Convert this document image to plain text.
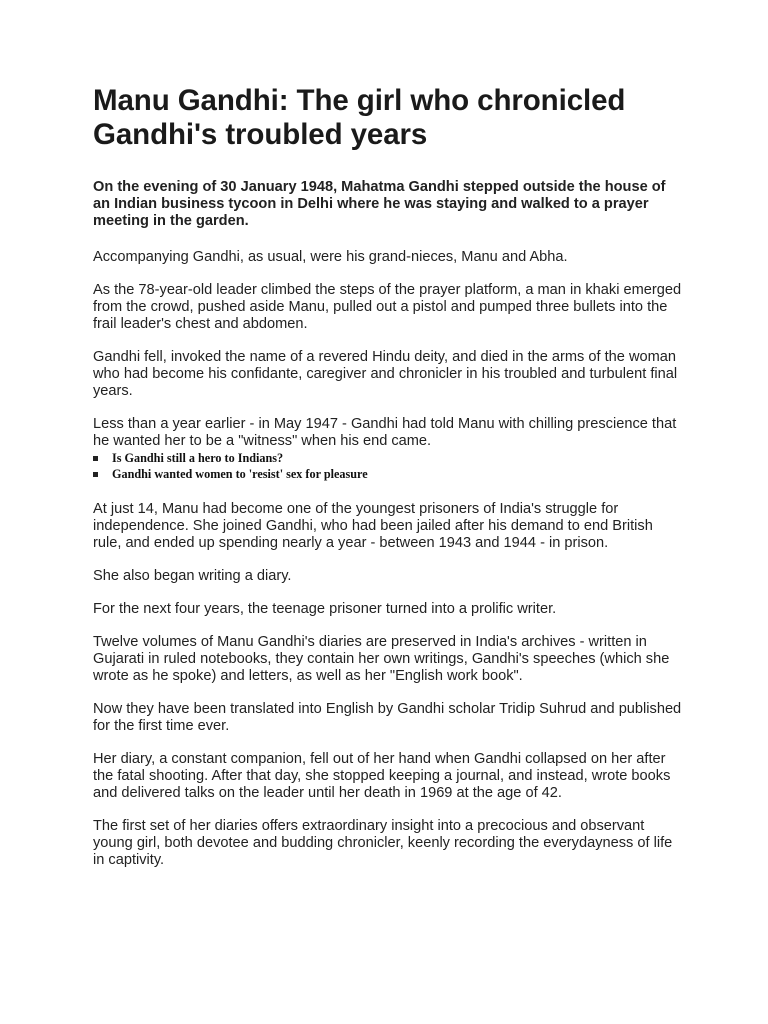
Manu Gandhi: The girl who chronicled Gandhi's troubled years

On the evening of 30 January 1948, Mahatma Gandhi stepped outside the house of an Indian business tycoon in Delhi where he was staying and walked to a prayer meeting in the garden.

Accompanying Gandhi, as usual, were his grand-nieces, Manu and Abha.

As the 78-year-old leader climbed the steps of the prayer platform, a man in khaki emerged from the crowd, pushed aside Manu, pulled out a pistol and pumped three bullets into the frail leader's chest and abdomen.

Gandhi fell, invoked the name of a revered Hindu deity, and died in the arms of the woman who had become his confidante, caregiver and chronicler in his troubled and turbulent final years.

Less than a year earlier - in May 1947 - Gandhi had told Manu with chilling prescience that he wanted her to be a "witness" when his end came.

Is Gandhi still a hero to Indians?
Gandhi wanted women to 'resist' sex for pleasure

At just 14, Manu had become one of the youngest prisoners of India's struggle for independence. She joined Gandhi, who had been jailed after his demand to end British rule, and ended up spending nearly a year - between 1943 and 1944 - in prison.

She also began writing a diary.

For the next four years, the teenage prisoner turned into a prolific writer.

Twelve volumes of Manu Gandhi's diaries are preserved in India's archives - written in Gujarati in ruled notebooks, they contain her own writings, Gandhi's speeches (which she wrote as he spoke) and letters, as well as her "English work book".

Now they have been translated into English by Gandhi scholar Tridip Suhrud and published for the first time ever.

Her diary, a constant companion, fell out of her hand when Gandhi collapsed on her after the fatal shooting. After that day, she stopped keeping a journal, and instead, wrote books and delivered talks on the leader until her death in 1969 at the age of 42.

The first set of her diaries offers extraordinary insight into a precocious and observant young girl, both devotee and budding chronicler, keenly recording the everydayness of life in captivity.
